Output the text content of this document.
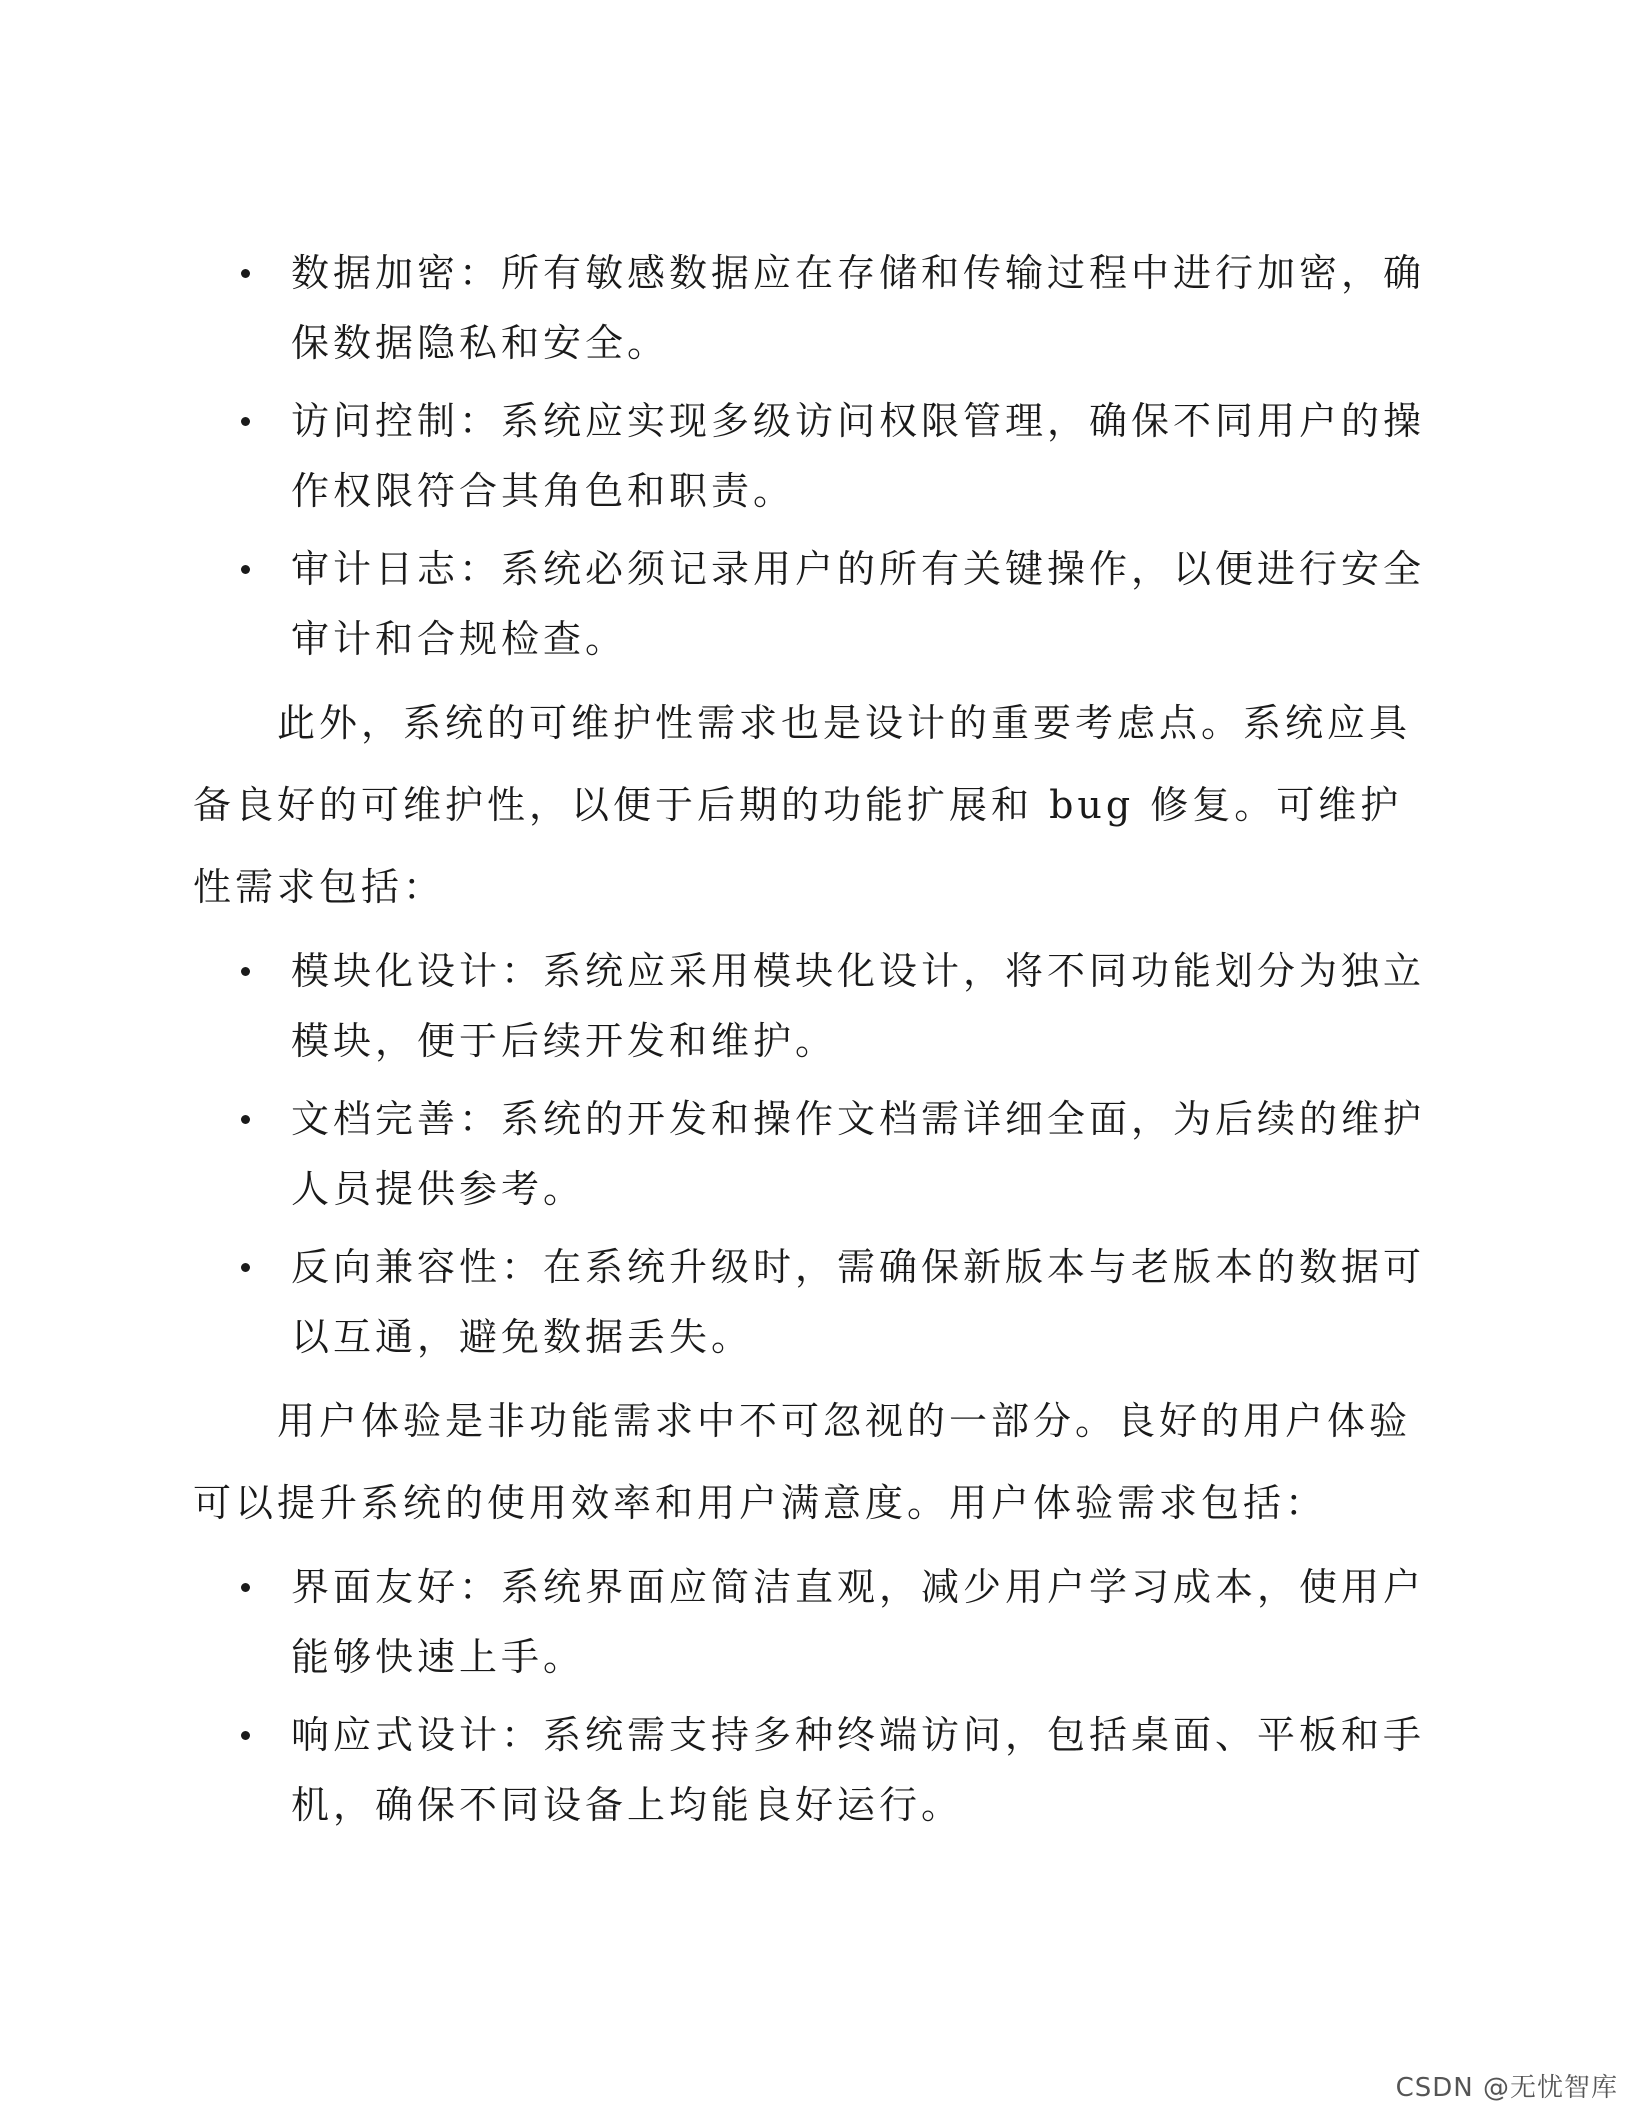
数据加密：所有敏感数据应在存储和传输过程中进行加密，确保数据隐私和安全。
访问控制：系统应实现多级访问权限管理，确保不同用户的操作权限符合其角色和职责。
审计日志：系统必须记录用户的所有关键操作，以便进行安全审计和合规检查。

此外，系统的可维护性需求也是设计的重要考虑点。系统应具备良好的可维护性，以便于后期的功能扩展和 bug 修复。可维护性需求包括：

模块化设计：系统应采用模块化设计，将不同功能划分为独立模块，便于后续开发和维护。
文档完善：系统的开发和操作文档需详细全面，为后续的维护人员提供参考。
反向兼容性：在系统升级时，需确保新版本与老版本的数据可以互通，避免数据丢失。

用户体验是非功能需求中不可忽视的一部分。良好的用户体验可以提升系统的使用效率和用户满意度。用户体验需求包括：

界面友好：系统界面应简洁直观，减少用户学习成本，使用户能够快速上手。
响应式设计：系统需支持多种终端访问，包括桌面、平板和手机，确保不同设备上均能良好运行。
CSDN @无忧智库
